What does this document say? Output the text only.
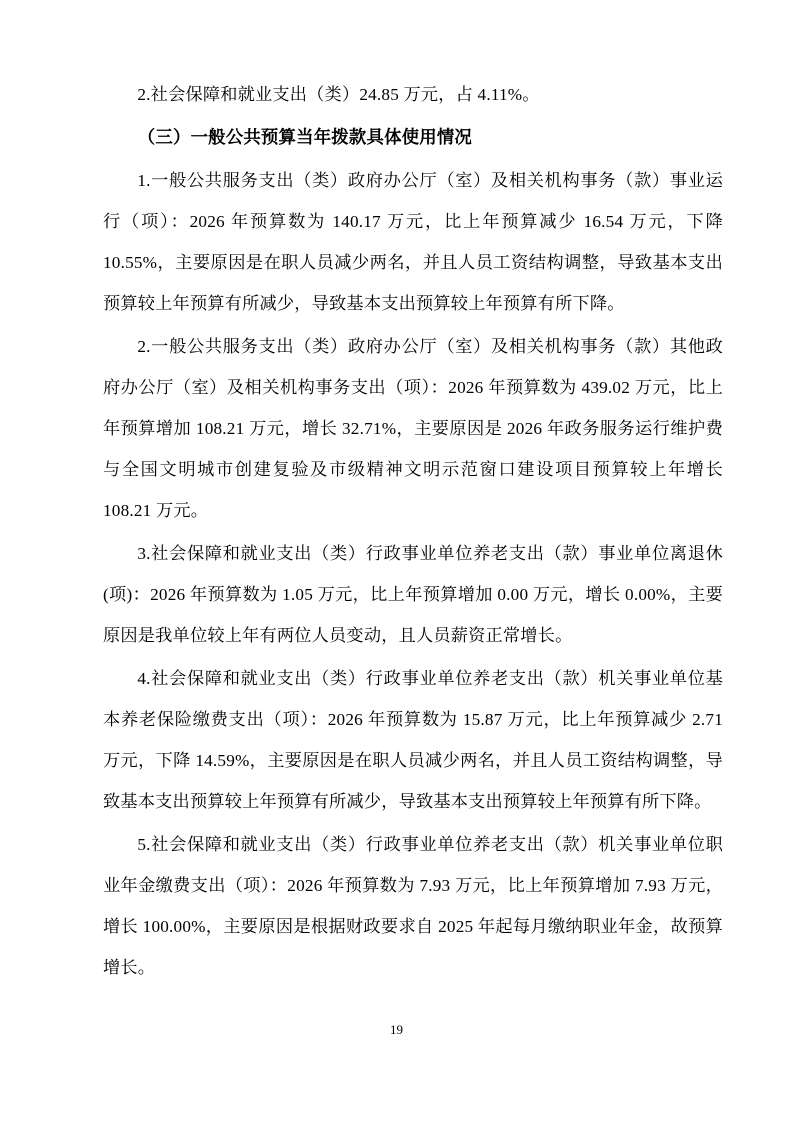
2.社会保障和就业支出（类）24.85 万元，占 4.11%。

（三）一般公共预算当年拨款具体使用情况

1.一般公共服务支出（类）政府办公厅（室）及相关机构事务（款）事业运行（项）：2026 年预算数为 140.17 万元，比上年预算减少 16.54 万元，下降 10.55%，主要原因是在职人员减少两名，并且人员工资结构调整，导致基本支出预算较上年预算有所减少，导致基本支出预算较上年预算有所下降。

2.一般公共服务支出（类）政府办公厅（室）及相关机构事务（款）其他政府办公厅（室）及相关机构事务支出（项）：2026 年预算数为 439.02 万元，比上年预算增加 108.21 万元，增长 32.71%，主要原因是 2026 年政务服务运行维护费与全国文明城市创建复验及市级精神文明示范窗口建设项目预算较上年增长 108.21 万元。

3.社会保障和就业支出（类）行政事业单位养老支出（款）事业单位离退休(项)：2026 年预算数为 1.05 万元，比上年预算增加 0.00 万元，增长 0.00%，主要原因是我单位较上年有两位人员变动，且人员薪资正常增长。

4.社会保障和就业支出（类）行政事业单位养老支出（款）机关事业单位基本养老保险缴费支出（项）：2026 年预算数为 15.87 万元，比上年预算减少 2.71 万元，下降 14.59%，主要原因是在职人员减少两名，并且人员工资结构调整，导致基本支出预算较上年预算有所减少，导致基本支出预算较上年预算有所下降。

5.社会保障和就业支出（类）行政事业单位养老支出（款）机关事业单位职业年金缴费支出（项）：2026 年预算数为 7.93 万元，比上年预算增加 7.93 万元，增长 100.00%，主要原因是根据财政要求自 2025 年起每月缴纳职业年金，故预算增长。

19
